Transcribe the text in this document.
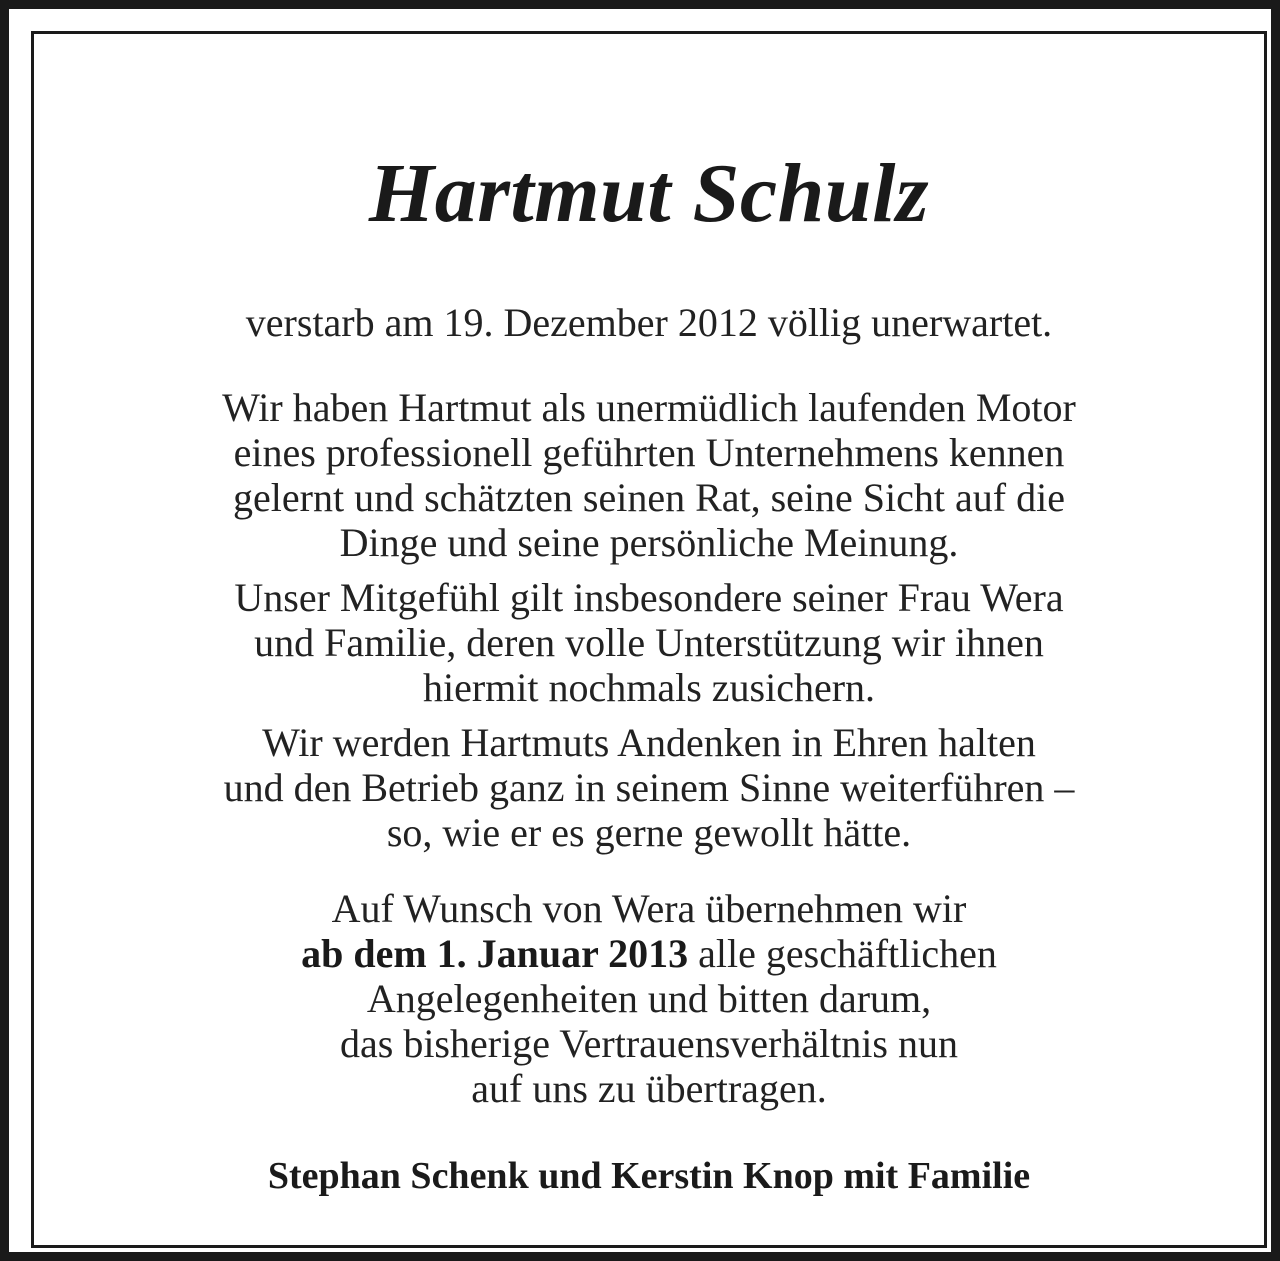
Hartmut Schulz
verstarb am 19. Dezember 2012 völlig unerwartet.
Wir haben Hartmut als unermüdlich laufenden Motor
eines professionell geführten Unternehmens kennen
gelernt und schätzten seinen Rat, seine Sicht auf die
Dinge und seine persönliche Meinung.
Unser Mitgefühl gilt insbesondere seiner Frau Wera
und Familie, deren volle Unterstützung wir ihnen
hiermit nochmals zusichern.
Wir werden Hartmuts Andenken in Ehren halten
und den Betrieb ganz in seinem Sinne weiterführen –
so, wie er es gerne gewollt hätte.
Auf Wunsch von Wera übernehmen wir
ab dem 1. Januar 2013 alle geschäftlichen
Angelegenheiten und bitten darum,
das bisherige Vertrauensverhältnis nun
auf uns zu übertragen.
Stephan Schenk und Kerstin Knop mit Familie
